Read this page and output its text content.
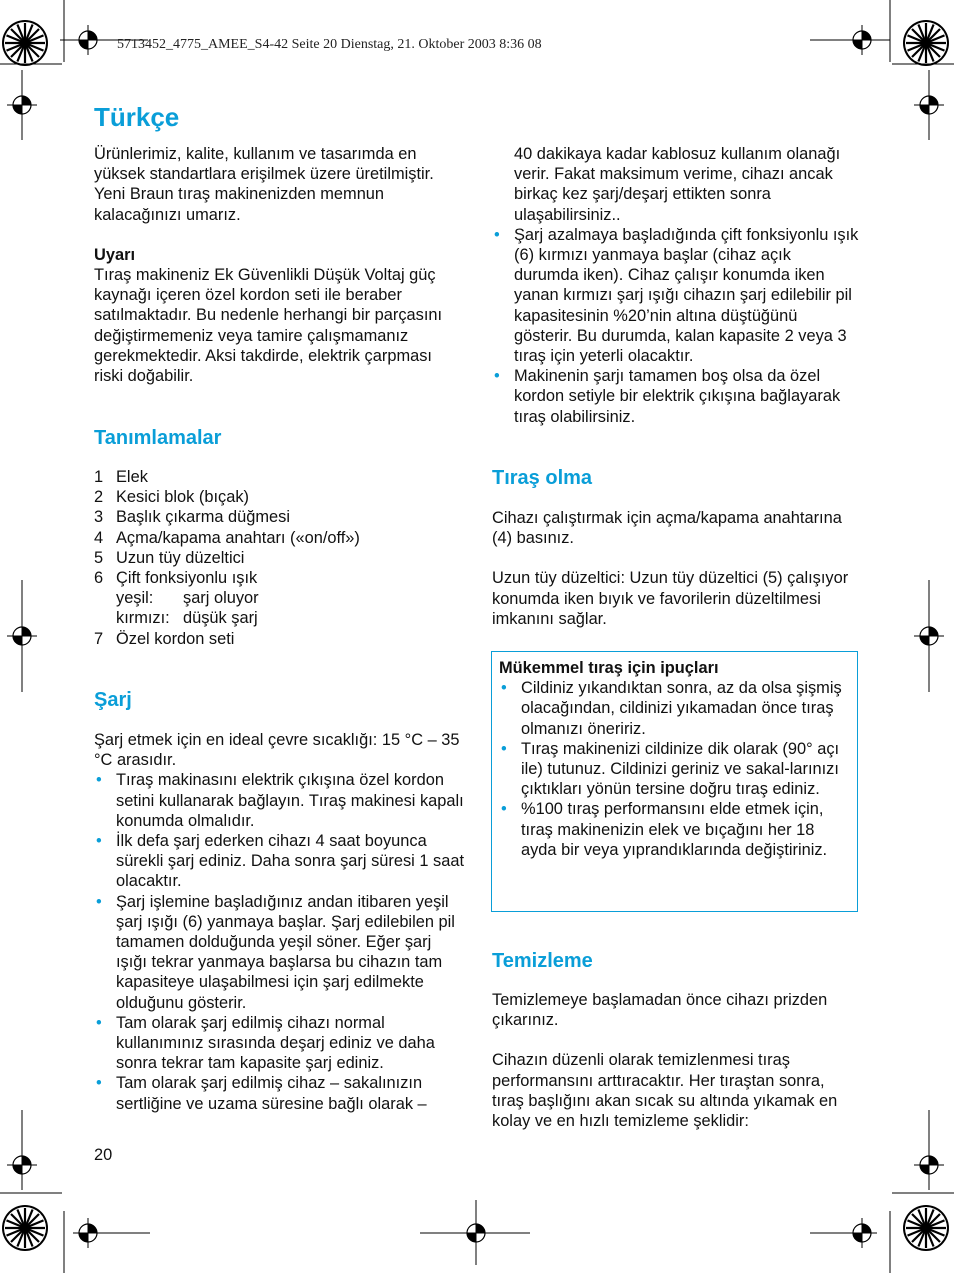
5713452_4775_AMEE_S4-42 Seite 20 Dienstag, 21. Oktober 2003 8:36 08
Türkçe

Ürünlerimiz, kalite, kullanım ve tasarımda en yüksek standartlara erişilmek üzere üretilmiştir. Yeni Braun tıraş makinenizden memnun kalacağınızı umarız.

Uyarı

Tıraş makineniz Ek Güvenlikli Düşük Voltaj güç kaynağı içeren özel kordon seti ile beraber satılmaktadır. Bu nedenle herhangi bir parçasını değiştirmemeniz veya tamire çalışmamanız gerekmektedir. Aksi takdirde, elektrik çarpması riski doğabilir.

Tanımlamalar
1 Elek
2 Kesici blok (bıçak)
3 Başlık çıkarma düğmesi
4 Açma/kapama anahtarı («on/off»)
5 Uzun tüy düzeltici
6 Çift fonksiyonlu ışık
yeşil: şarj oluyor
kırmızı: düşük şarj
7 Özel kordon seti
Şarj

Şarj etmek için en ideal çevre sıcaklığı: 15 °C – 35 °C arasıdır.

• Tıraş makinasını elektrik çıkışına özel kordon setini kullanarak bağlayın. Tıraş makinesi kapalı konumda olmalıdır.
• İlk defa şarj ederken cihazı 4 saat boyunca sürekli şarj ediniz. Daha sonra şarj süresi 1 saat olacaktır.
• Şarj işlemine başladığınız andan itibaren yeşil şarj ışığı (6) yanmaya başlar. Şarj edilebilen pil tamamen dolduğunda yeşil söner. Eğer şarj ışığı tekrar yanmaya başlarsa bu cihazın tam kapasiteye ulaşabilmesi için şarj edilmekte olduğunu gösterir.
• Tam olarak şarj edilmiş cihazı normal kullanımınız sırasında deşarj ediniz ve daha sonra tekrar tam kapasite şarj ediniz.
• Tam olarak şarj edilmiş cihaz – sakalınızın sertliğine ve uzama süresine bağlı olarak –
20

40 dakikaya kadar kablosuz kullanım olanağı verir. Fakat maksimum verime, cihazı ancak birkaç kez şarj/deşarj ettikten sonra ulaşabilirsiniz..

• Şarj azalmaya başladığında çift fonksiyonlu ışık (6) kırmızı yanmaya başlar (cihaz açık durumda iken). Cihaz çalışır konumda iken yanan kırmızı şarj ışığı cihazın şarj edilebilir pil kapasitesinin %20’nin altına düştüğünü gösterir. Bu durumda, kalan kapasite 2 veya 3 tıraş için yeterli olacaktır.
• Makinenin şarjı tamamen boş olsa da özel kordon setiyle bir elektrik çıkışına bağlayarak tıraş olabilirsiniz.
Tıraş olma

Cihazı çalıştırmak için açma/kapama anahtarına (4) basınız.

Uzun tüy düzeltici: Uzun tüy düzeltici (5) çalışıyor konumda iken bıyık ve favorilerin düzeltilmesi imkanını sağlar.

Mükemmel tıraş için ipuçları

• Cildiniz yıkandıktan sonra, az da olsa şişmiş olacağından, cildinizi yıkamadan önce tıraş olmanızı öneririz.
• Tıraş makinenizi cildinize dik olarak (90° açı ile) tutunuz. Cildinizi geriniz ve sakal-larınızı çıktıkları yönün tersine doğru tıraş ediniz.
• %100 tıraş performansını elde etmek için, tıraş makinenizin elek ve bıçağını her 18 ayda bir veya yıprandıklarında değiştiriniz.
Temizleme

Temizlemeye başlamadan önce cihazı prizden çıkarınız.

Cihazın düzenli olarak temizlenmesi tıraş performansını arttıracaktır. Her tıraştan sonra, tıraş başlığını akan sıcak su altında yıkamak en kolay ve en hızlı temizleme şeklidir:
